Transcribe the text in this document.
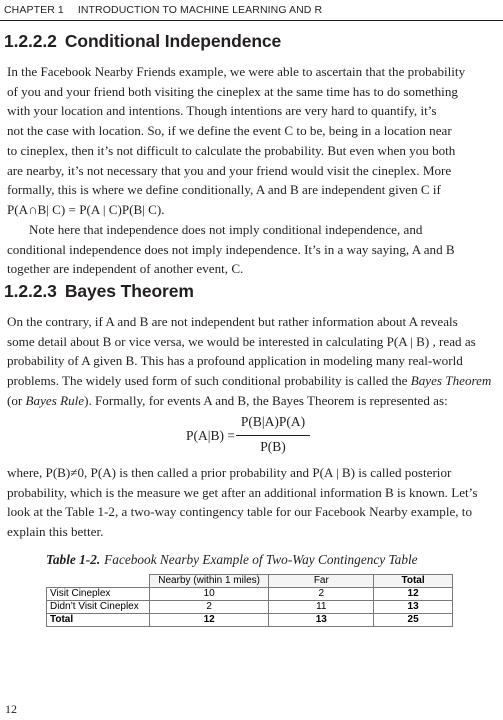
CHAPTER 1 INTRODUCTION TO MACHINE LEARNING AND R
1.2.2.2 Conditional Independence

In the Facebook Nearby Friends example, we were able to ascertain that the probability
of you and your friend both visiting the cineplex at the same time has to do something
with your location and intentions. Though intentions are very hard to quantify, it’s
not the case with location. So, if we define the event C to be, being in a location near
to cineplex, then it’s not difficult to calculate the probability. But even when you both
are nearby, it’s not necessary that you and your friend would visit the cineplex. More
formally, this is where we define conditionally, A and B are independent given C if
P(A∩B| C) = P(A | C)P(B| C).

Note here that independence does not imply conditional independence, and
conditional independence does not imply independence. It’s in a way saying, A and B
together are independent of another event, C.

1.2.2.3 Bayes Theorem

On the contrary, if A and B are not independent but rather information about A reveals
some detail about B or vice versa, we would be interested in calculating P(A | B) , read as
probability of A given B. This has a profound application in modeling many real-world
problems. The widely used form of such conditional probability is called the Bayes Theorem
(or Bayes Rule). Formally, for events A and B, the Bayes Theorem is represented as:

P(A|B) =
P(B|A)P(A)
P(B)

where, P(B)≠0, P(A) is then called a prior probability and P(A | B) is called posterior
probability, which is the measure we get after an additional information B is known. Let’s
look at the Table 1-2, a two-way contingency table for our Facebook Nearby example, to
explain this better.

Table 1-2. Facebook Nearby Example of Two-Way Contingency Table
	Nearby (within 1 miles)	Far	Total
Visit Cineplex	10	2	12
Didn’t Visit Cineplex	2	11	13
Total	12	13	25
12
